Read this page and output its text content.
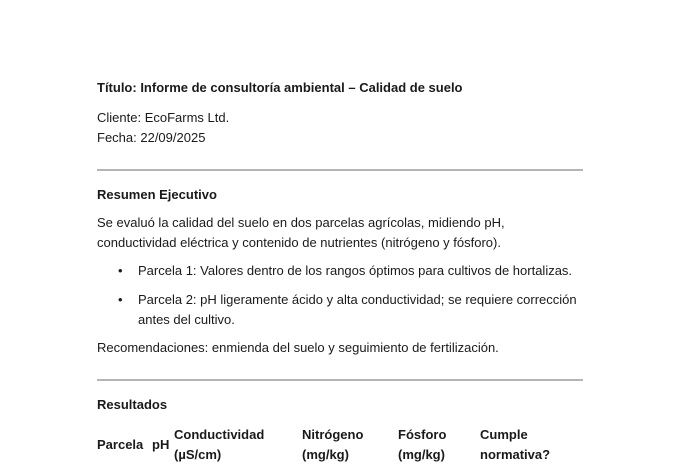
Título: Informe de consultoría ambiental – Calidad de suelo
Cliente: EcoFarms Ltd.
Fecha: 22/09/2025
Resumen Ejecutivo
Se evaluó la calidad del suelo en dos parcelas agrícolas, midiendo pH,
conductividad eléctrica y contenido de nutrientes (nitrógeno y fósforo).
• Parcela 1: Valores dentro de los rangos óptimos para cultivos de hortalizas.
• Parcela 2: pH ligeramente ácido y alta conductividad; se requiere corrección antes del cultivo.
Recomendaciones: enmienda del suelo y seguimiento de fertilización.
Resultados
Parcela	pH	Conductividad (µS/cm)	Nitrógeno (mg/kg)	Fósforo (mg/kg)	Cumple normativa?
